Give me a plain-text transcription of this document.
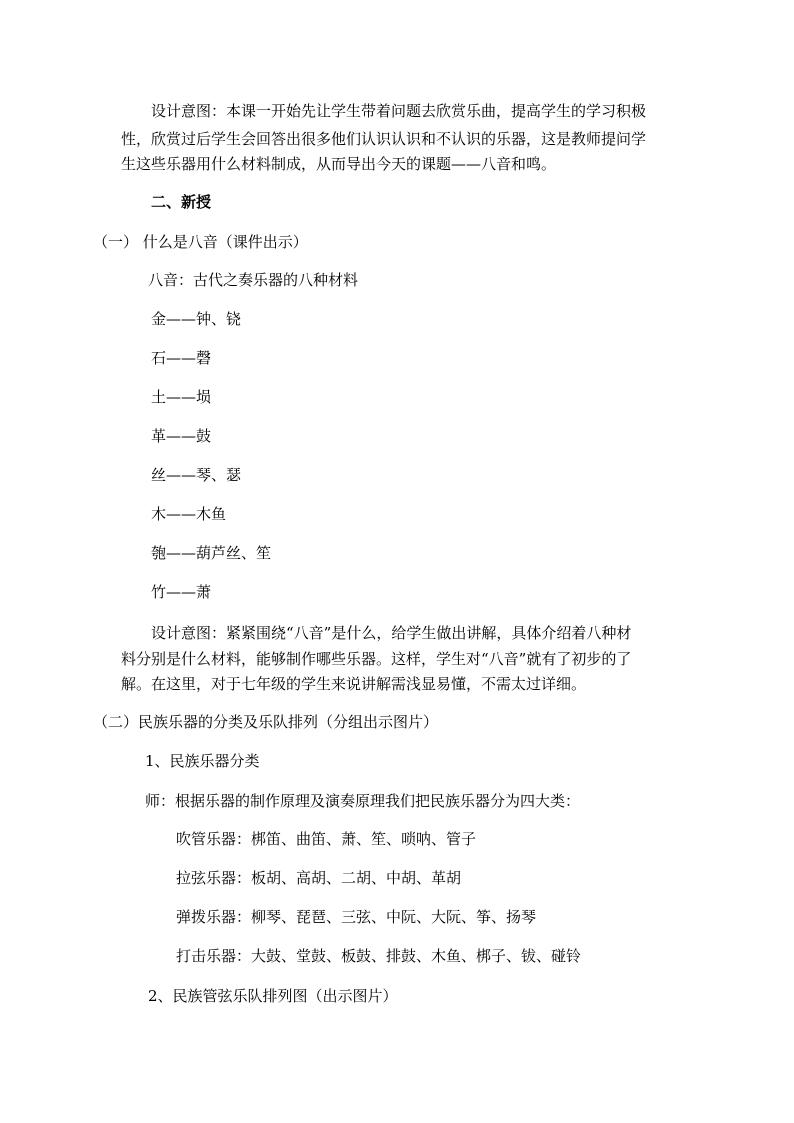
设计意图：本课一开始先让学生带着问题去欣赏乐曲，提高学生的学习积极
性，欣赏过后学生会回答出很多他们认识认识和不认识的乐器，这是教师提问学
生这些乐器用什么材料制成，从而导出今天的课题——八音和鸣。
二、新授
（一） 什么是八音（课件出示）
八音：古代之奏乐器的八种材料
金——钟、铙
石——磬
土——埙
革——鼓
丝——琴、瑟
木——木鱼
匏——葫芦丝、笙
竹——萧
设计意图：紧紧围绕“八音”是什么，给学生做出讲解，具体介绍着八种材
料分别是什么材料，能够制作哪些乐器。这样，学生对“八音”就有了初步的了
解。在这里，对于七年级的学生来说讲解需浅显易懂，不需太过详细。
（二）民族乐器的分类及乐队排列（分组出示图片）
1、民族乐器分类
师：根据乐器的制作原理及演奏原理我们把民族乐器分为四大类：
吹管乐器：梆笛、曲笛、萧、笙、唢呐、管子
拉弦乐器：板胡、高胡、二胡、中胡、革胡
弹拨乐器：柳琴、琵琶、三弦、中阮、大阮、筝、扬琴
打击乐器：大鼓、堂鼓、板鼓、排鼓、木鱼、梆子、钹、碰铃
2、民族管弦乐队排列图（出示图片）
